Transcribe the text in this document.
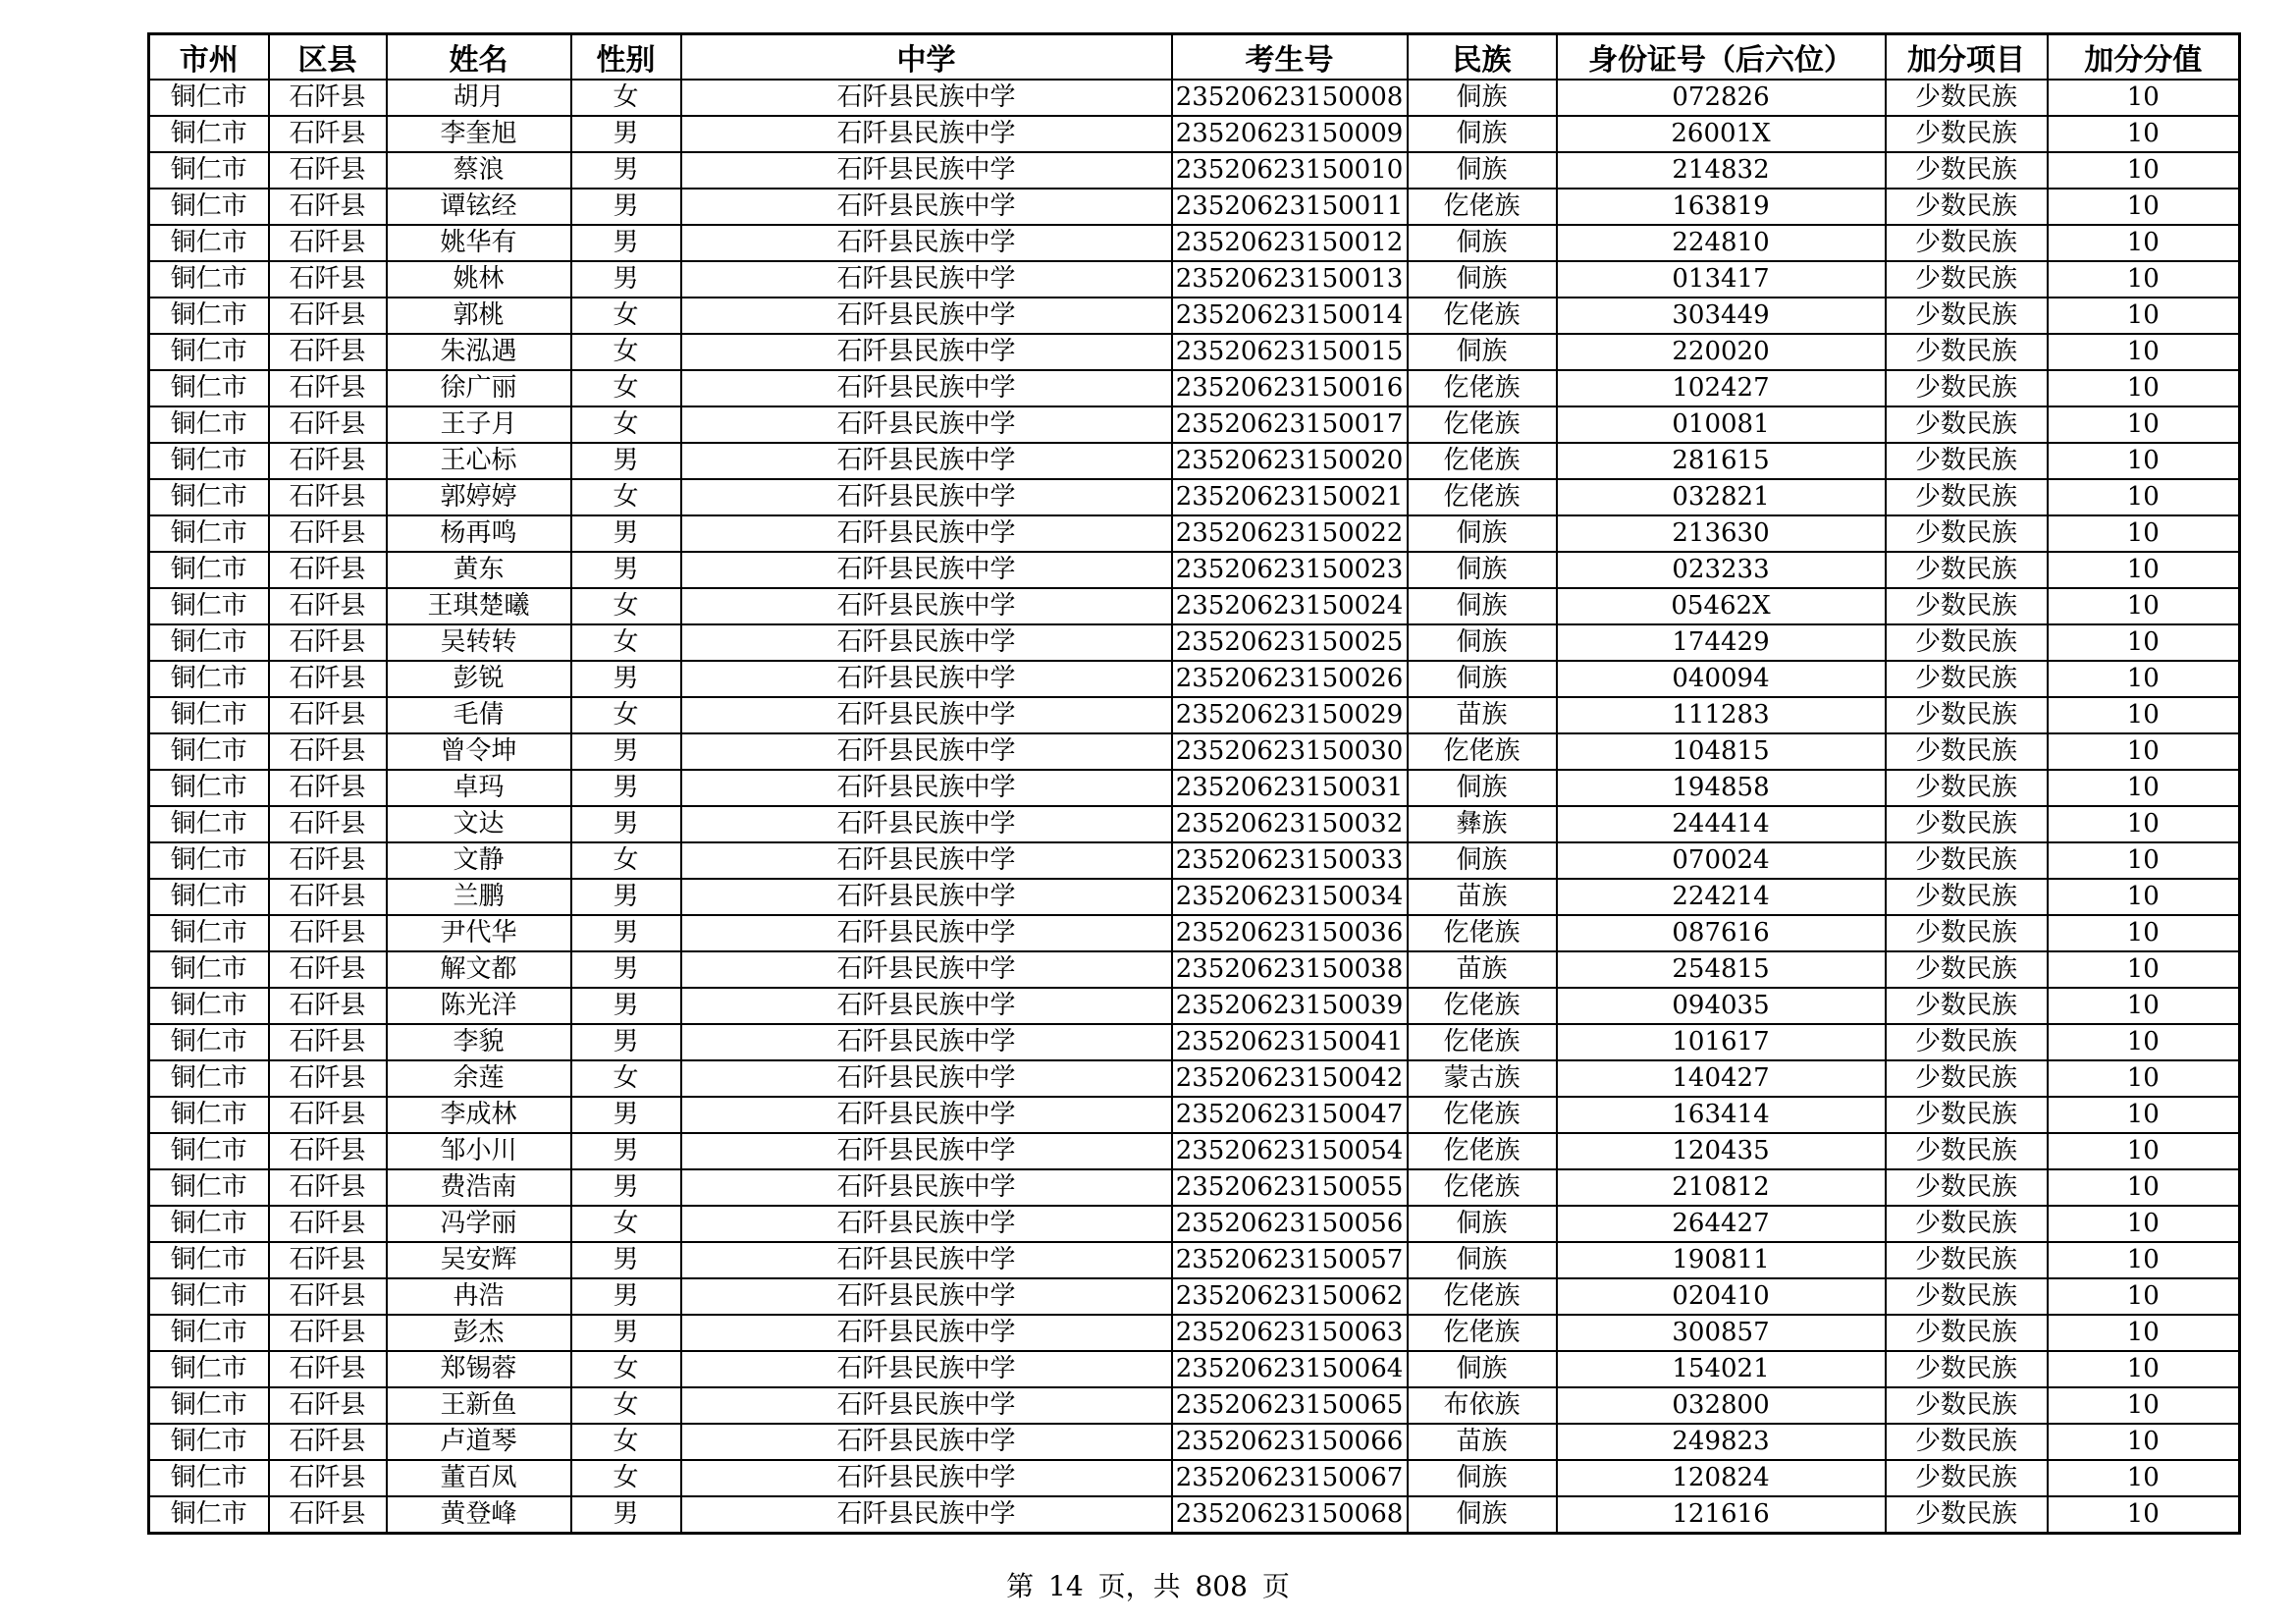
市州	区县	姓名	性别	中学	考生号	民族	身份证号（后六位）	加分项目	加分分值
铜仁市	石阡县	胡月	女	石阡县民族中学	23520623150008	侗族	072826	少数民族	10
铜仁市	石阡县	李奎旭	男	石阡县民族中学	23520623150009	侗族	26001X	少数民族	10
铜仁市	石阡县	蔡浪	男	石阡县民族中学	23520623150010	侗族	214832	少数民族	10
铜仁市	石阡县	谭铉经	男	石阡县民族中学	23520623150011	仡佬族	163819	少数民族	10
铜仁市	石阡县	姚华有	男	石阡县民族中学	23520623150012	侗族	224810	少数民族	10
铜仁市	石阡县	姚林	男	石阡县民族中学	23520623150013	侗族	013417	少数民族	10
铜仁市	石阡县	郭桃	女	石阡县民族中学	23520623150014	仡佬族	303449	少数民族	10
铜仁市	石阡县	朱泓遇	女	石阡县民族中学	23520623150015	侗族	220020	少数民族	10
铜仁市	石阡县	徐广丽	女	石阡县民族中学	23520623150016	仡佬族	102427	少数民族	10
铜仁市	石阡县	王子月	女	石阡县民族中学	23520623150017	仡佬族	010081	少数民族	10
铜仁市	石阡县	王心标	男	石阡县民族中学	23520623150020	仡佬族	281615	少数民族	10
铜仁市	石阡县	郭婷婷	女	石阡县民族中学	23520623150021	仡佬族	032821	少数民族	10
铜仁市	石阡县	杨再鸣	男	石阡县民族中学	23520623150022	侗族	213630	少数民族	10
铜仁市	石阡县	黄东	男	石阡县民族中学	23520623150023	侗族	023233	少数民族	10
铜仁市	石阡县	王琪楚曦	女	石阡县民族中学	23520623150024	侗族	05462X	少数民族	10
铜仁市	石阡县	吴转转	女	石阡县民族中学	23520623150025	侗族	174429	少数民族	10
铜仁市	石阡县	彭锐	男	石阡县民族中学	23520623150026	侗族	040094	少数民族	10
铜仁市	石阡县	毛倩	女	石阡县民族中学	23520623150029	苗族	111283	少数民族	10
铜仁市	石阡县	曾令坤	男	石阡县民族中学	23520623150030	仡佬族	104815	少数民族	10
铜仁市	石阡县	卓玛	男	石阡县民族中学	23520623150031	侗族	194858	少数民族	10
铜仁市	石阡县	文达	男	石阡县民族中学	23520623150032	彝族	244414	少数民族	10
铜仁市	石阡县	文静	女	石阡县民族中学	23520623150033	侗族	070024	少数民族	10
铜仁市	石阡县	兰鹏	男	石阡县民族中学	23520623150034	苗族	224214	少数民族	10
铜仁市	石阡县	尹代华	男	石阡县民族中学	23520623150036	仡佬族	087616	少数民族	10
铜仁市	石阡县	解文都	男	石阡县民族中学	23520623150038	苗族	254815	少数民族	10
铜仁市	石阡县	陈光洋	男	石阡县民族中学	23520623150039	仡佬族	094035	少数民族	10
铜仁市	石阡县	李貌	男	石阡县民族中学	23520623150041	仡佬族	101617	少数民族	10
铜仁市	石阡县	余莲	女	石阡县民族中学	23520623150042	蒙古族	140427	少数民族	10
铜仁市	石阡县	李成林	男	石阡县民族中学	23520623150047	仡佬族	163414	少数民族	10
铜仁市	石阡县	邹小川	男	石阡县民族中学	23520623150054	仡佬族	120435	少数民族	10
铜仁市	石阡县	费浩南	男	石阡县民族中学	23520623150055	仡佬族	210812	少数民族	10
铜仁市	石阡县	冯学丽	女	石阡县民族中学	23520623150056	侗族	264427	少数民族	10
铜仁市	石阡县	吴安辉	男	石阡县民族中学	23520623150057	侗族	190811	少数民族	10
铜仁市	石阡县	冉浩	男	石阡县民族中学	23520623150062	仡佬族	020410	少数民族	10
铜仁市	石阡县	彭杰	男	石阡县民族中学	23520623150063	仡佬族	300857	少数民族	10
铜仁市	石阡县	郑锡蓉	女	石阡县民族中学	23520623150064	侗族	154021	少数民族	10
铜仁市	石阡县	王新鱼	女	石阡县民族中学	23520623150065	布依族	032800	少数民族	10
铜仁市	石阡县	卢道琴	女	石阡县民族中学	23520623150066	苗族	249823	少数民族	10
铜仁市	石阡县	董百凤	女	石阡县民族中学	23520623150067	侗族	120824	少数民族	10
铜仁市	石阡县	黄登峰	男	石阡县民族中学	23520623150068	侗族	121616	少数民族	10
第 14 页，共 808 页
